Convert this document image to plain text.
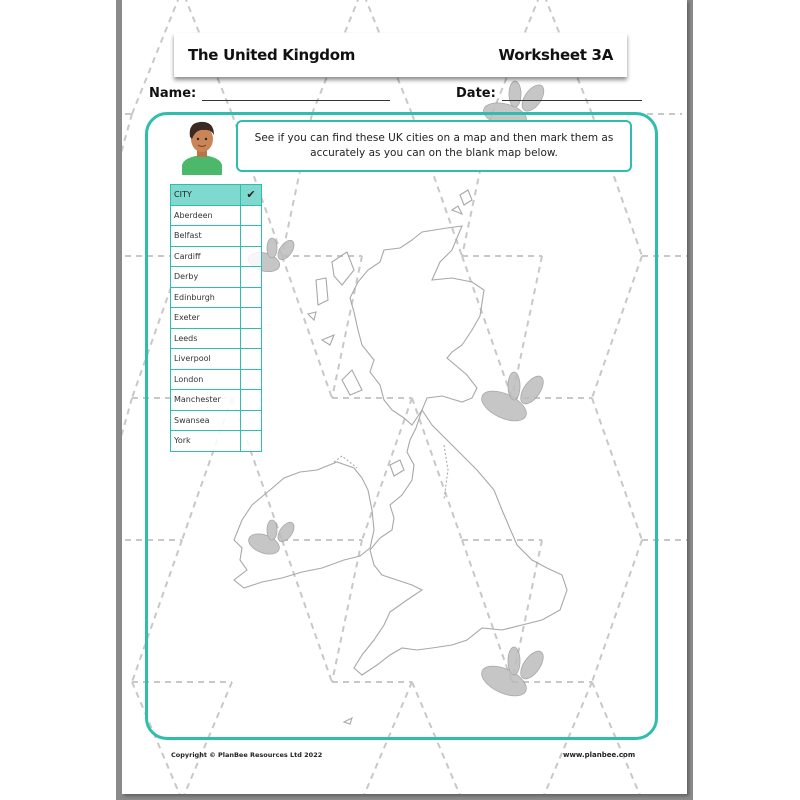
The United Kingdom	Worksheet 3A
Name:	Date:
See if you can find these UK cities on a map and then mark them as accurately as you can on the blank map below.
CITY	✔
Aberdeen	
Belfast	
Cardiff	
Derby	
Edinburgh	
Exeter	
Leeds	
Liverpool	
London	
Manchester	
Swansea	
York	
Copyright © PlanBee Resources Ltd 2022	www.planbee.com
